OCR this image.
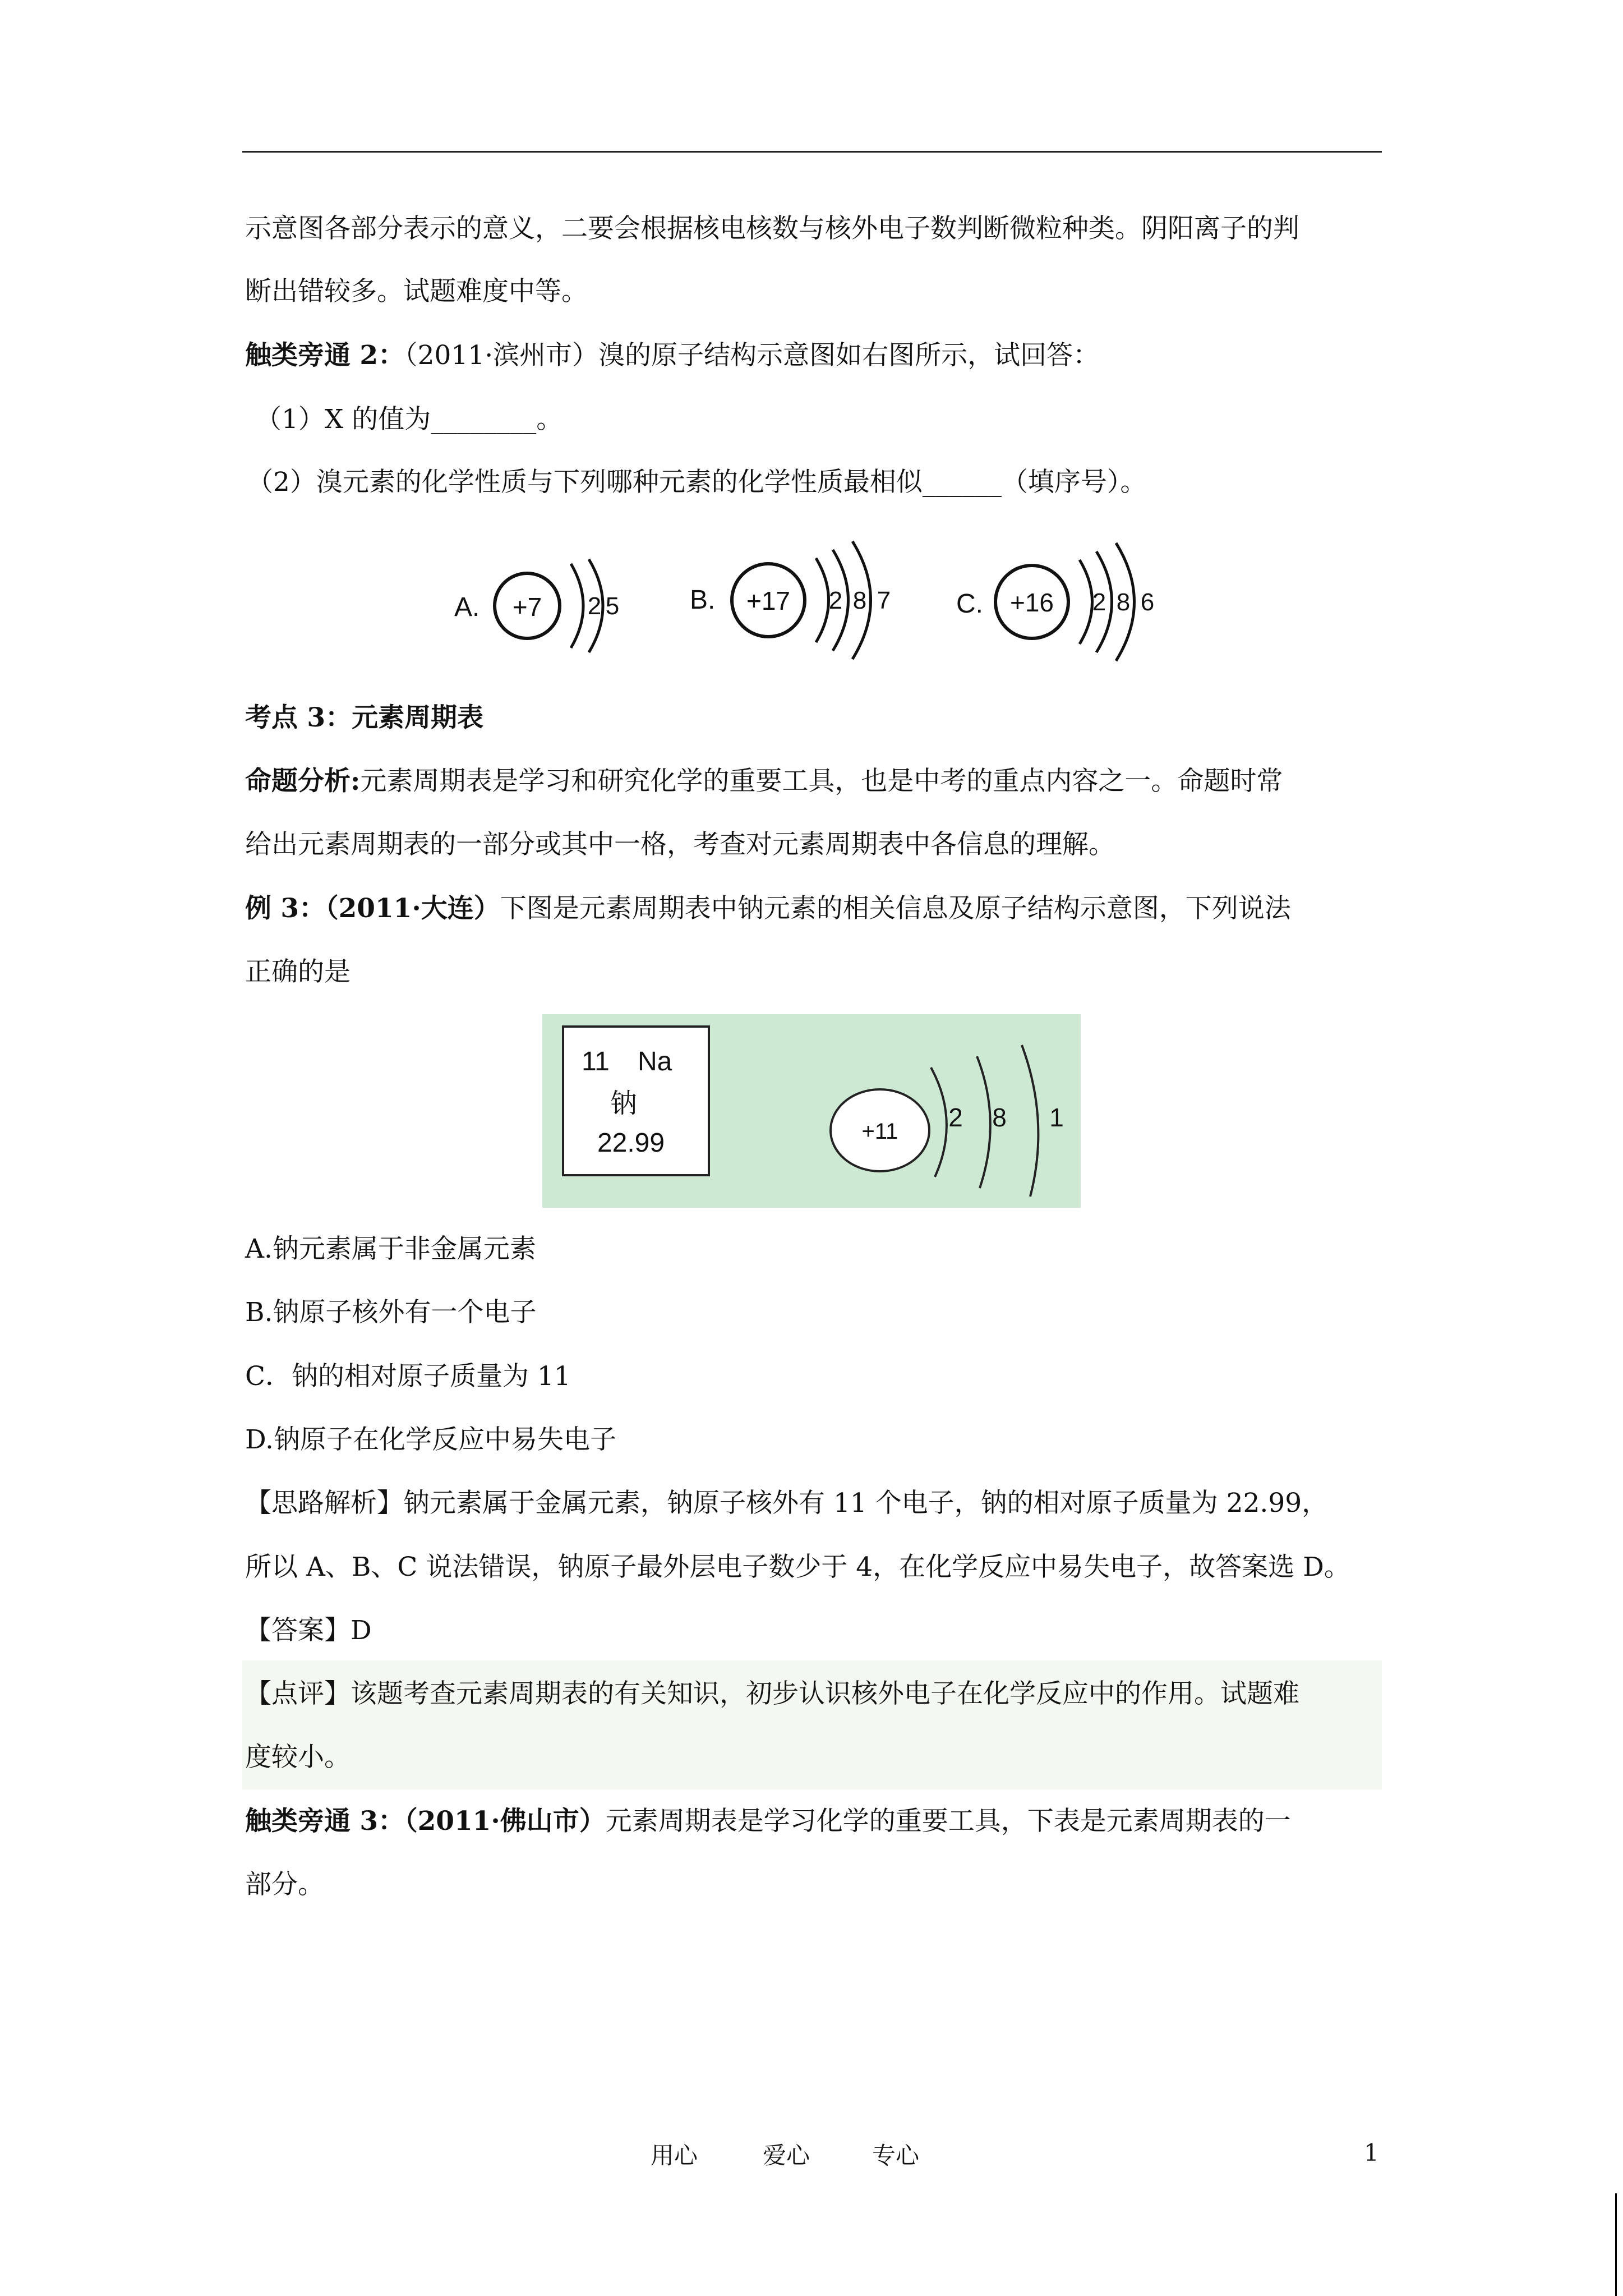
示意图各部分表示的意义，二要会根据核电核数与核外电子数判断微粒种类。阴阳离子的判
断出错较多。试题难度中等。
触类旁通 2：（2011·滨州市）溴的原子结构示意图如右图所示，试回答：
（1）X 的值为________。
（2）溴元素的化学性质与下列哪种元素的化学性质最相似______（填序号）。
A. +7 2 5	B. +17 2 8 7 C. +16 2 8 6
考点 3：元素周期表
命题分析:元素周期表是学习和研究化学的重要工具，也是中考的重点内容之一。命题时常
给出元素周期表的一部分或其中一格，考查对元素周期表中各信息的理解。
例 3：（2011·大连）下图是元素周期表中钠元素的相关信息及原子结构示意图，下列说法
正确的是
11 Na
钠
22.99	+11 2 8 1
A.钠元素属于非金属元素
B.钠原子核外有一个电子
C．钠的相对原子质量为 11
D.钠原子在化学反应中易失电子
【思路解析】钠元素属于金属元素，钠原子核外有 11 个电子，钠的相对原子质量为 22.99，
所以 A、B、C 说法错误，钠原子最外层电子数少于 4，在化学反应中易失电子，故答案选 D。
【答案】D
【点评】该题考查元素周期表的有关知识，初步认识核外电子在化学反应中的作用。试题难
度较小。
触类旁通 3：（2011·佛山市）元素周期表是学习化学的重要工具，下表是元素周期表的一
部分。
用心	爱心	专心	1
